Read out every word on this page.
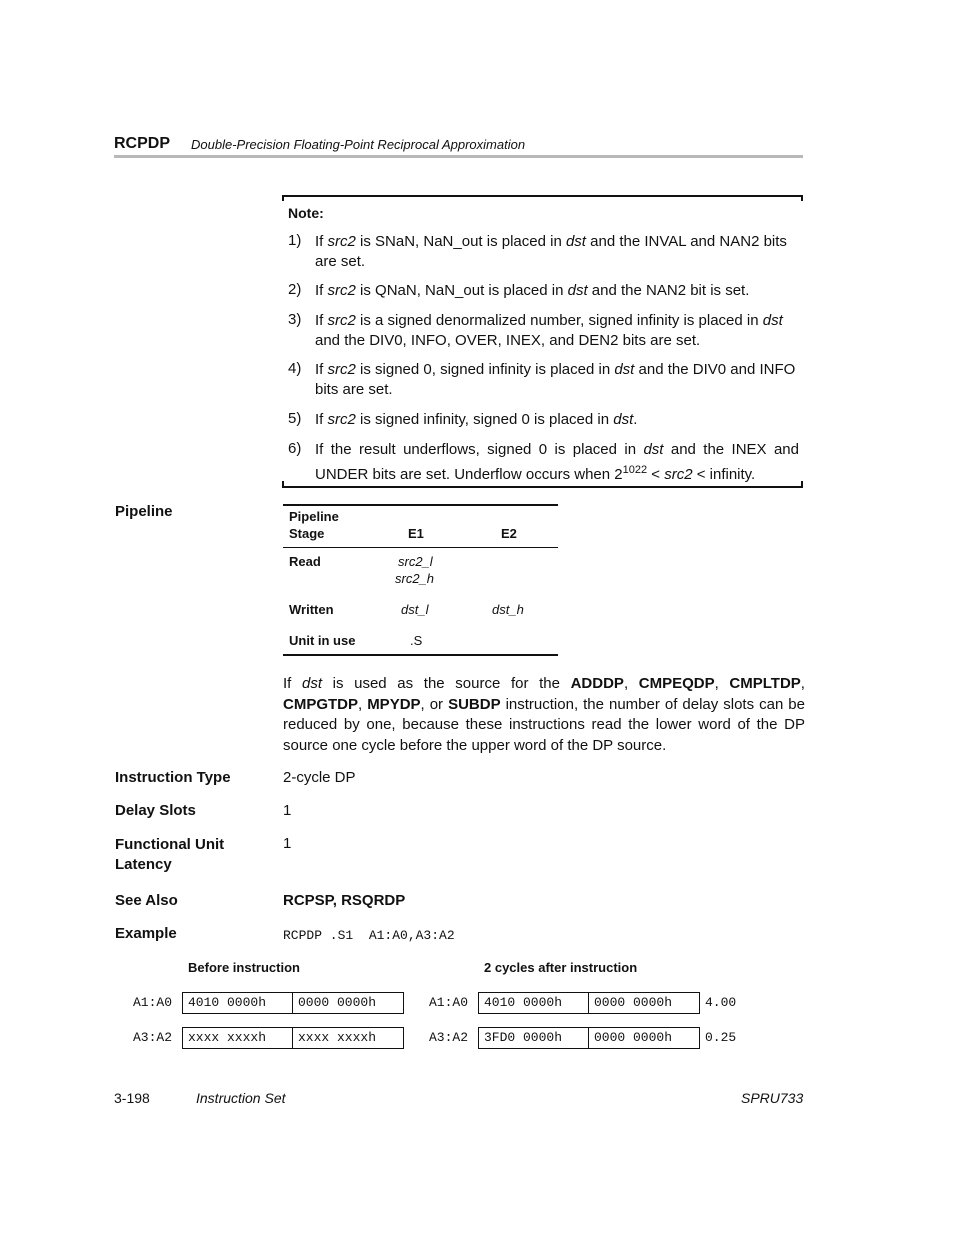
RCPDP Double-Precision Floating-Point Reciprocal Approximation
Note:
1) If src2 is SNaN, NaN_out is placed in dst and the INVAL and NAN2 bits are set.
2) If src2 is QNaN, NaN_out is placed in dst and the NAN2 bit is set.
3) If src2 is a signed denormalized number, signed infinity is placed in dst and the DIV0, INFO, OVER, INEX, and DEN2 bits are set.
4) If src2 is signed 0, signed infinity is placed in dst and the DIV0 and INFO bits are set.
5) If src2 is signed infinity, signed 0 is placed in dst.
6) If the result underflows, signed 0 is placed in dst and the INEX and UNDER bits are set. Underflow occurs when $2^{1022} < src2$ < infinity.
Pipeline	Pipeline
Stage	E1	E2
Read	src2_l
src2_h
Written	dst_l	dst_h
Unit in use	.S
If dst is used as the source for the ADDDP, CMPEQDP, CMPLTDP, CMPGTDP, MPYDP, or SUBDP instruction, the number of delay slots can be reduced by one, because these instructions read the lower word of the DP source one cycle before the upper word of the DP source.
Instruction Type	2-cycle DP
Delay Slots	1
Functional Unit
Latency
1
See Also	RCPSP, RSQRDP
Example	RCPDP .S1  A1:A0,A3:A2
Before instruction	2 cycles after instruction
A1:A0	4010 0000h	0000 0000h
A3:A2	xxxx xxxxh	xxxx xxxxh
A1:A0	4010 0000h	0000 0000h	4.00
A3:A2	3FD0 0000h	0000 0000h	0.25
3-198	Instruction Set	SPRU733
